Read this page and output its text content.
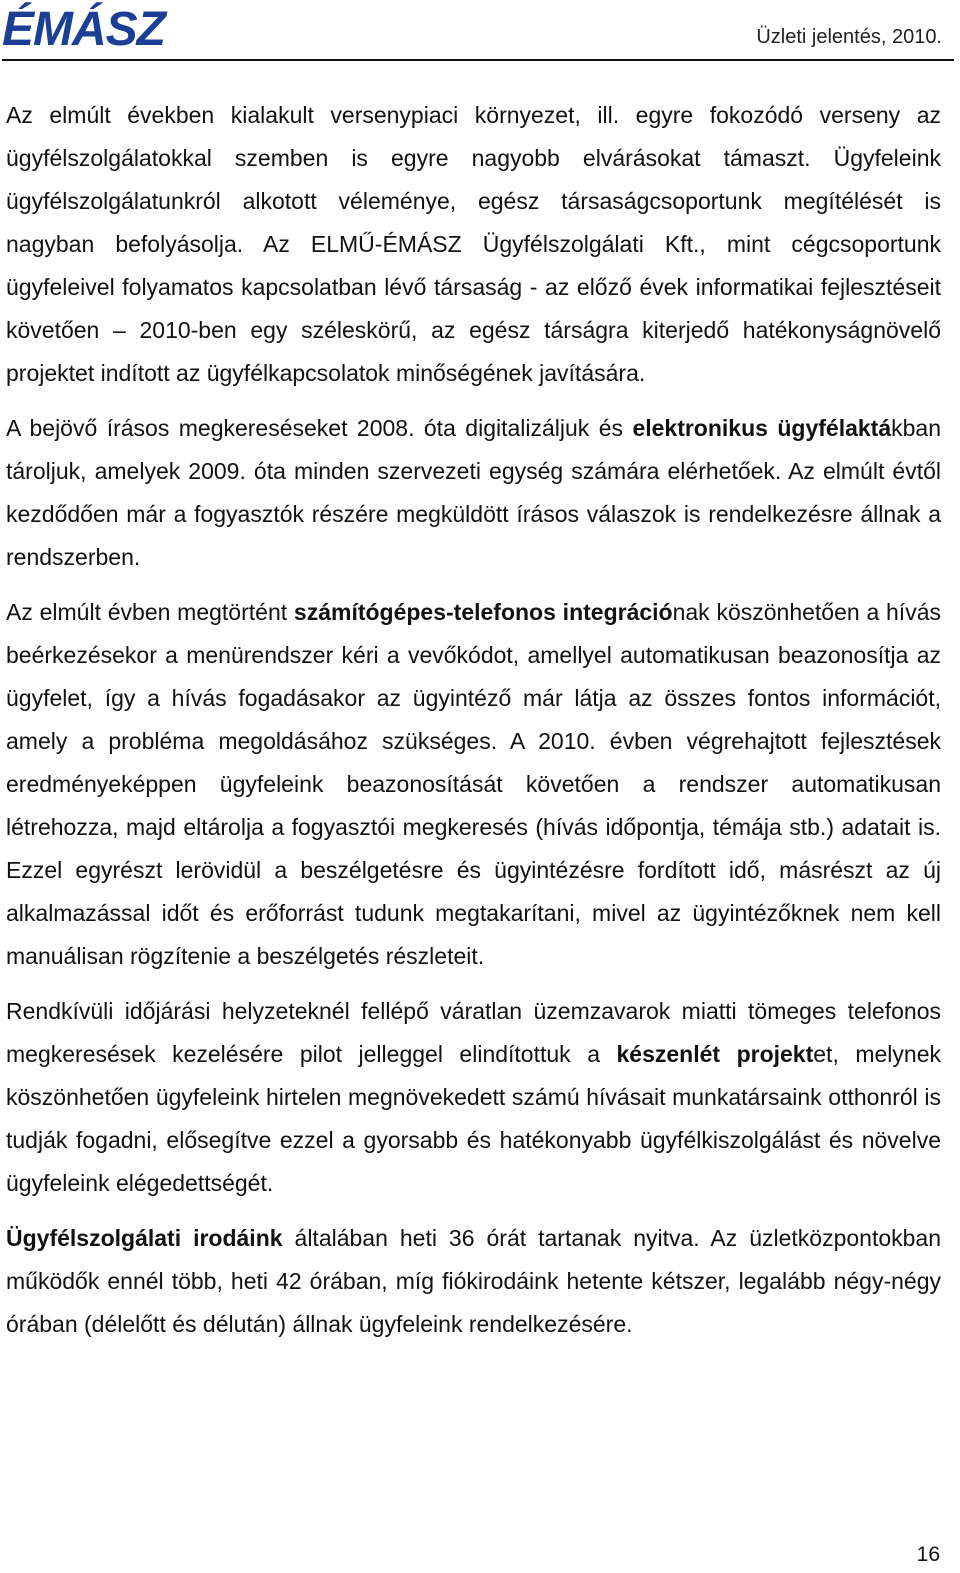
ÉMÁSZ	Üzleti jelentés, 2010.

Az elmúlt években kialakult versenypiaci környezet, ill. egyre fokozódó verseny az ügyfélszolgálatokkal szemben is egyre nagyobb elvárásokat támaszt. Ügyfeleink ügyfélszolgálatunkról alkotott véleménye, egész társaságcsoportunk megítélését is nagyban befolyásolja. Az ELMŰ-ÉMÁSZ Ügyfélszolgálati Kft., mint cégcsoportunk ügyfeleivel folyamatos kapcsolatban lévő társaság - az előző évek informatikai fejlesztéseit követően – 2010-ben egy széleskörű, az egész társágra kiterjedő hatékonyságnövelő projektet indított az ügyfélkapcsolatok minőségének javítására.

A bejövő írásos megkereséseket 2008. óta digitalizáljuk és elektronikus ügyfélaktákban tároljuk, amelyek 2009. óta minden szervezeti egység számára elérhetőek. Az elmúlt évtől kezdődően már a fogyasztók részére megküldött írásos válaszok is rendelkezésre állnak a rendszerben.

Az elmúlt évben megtörtént számítógépes-telefonos integrációnak köszönhetően a hívás beérkezésekor a menürendszer kéri a vevőkódot, amellyel automatikusan beazonosítja az ügyfelet, így a hívás fogadásakor az ügyintéző már látja az összes fontos információt, amely a probléma megoldásához szükséges. A 2010. évben végrehajtott fejlesztések eredményeképpen ügyfeleink beazonosítását követően a rendszer automatikusan létrehozza, majd eltárolja a fogyasztói megkeresés (hívás időpontja, témája stb.) adatait is. Ezzel egyrészt lerövidül a beszélgetésre és ügyintézésre fordított idő, másrészt az új alkalmazással időt és erőforrást tudunk megtakarítani, mivel az ügyintézőknek nem kell manuálisan rögzítenie a beszélgetés részleteit.

Rendkívüli időjárási helyzeteknél fellépő váratlan üzemzavarok miatti tömeges telefonos megkeresések kezelésére pilot jelleggel elindítottuk a készenlét projektet, melynek köszönhetően ügyfeleink hirtelen megnövekedett számú hívásait munkatársaink otthonról is tudják fogadni, elősegítve ezzel a gyorsabb és hatékonyabb ügyfélkiszolgálást és növelve ügyfeleink elégedettségét.

Ügyfélszolgálati irodáink általában heti 36 órát tartanak nyitva. Az üzletközpontokban működők ennél több, heti 42 órában, míg fiókirodáink hetente kétszer, legalább négy-négy órában (délelőtt és délután) állnak ügyfeleink rendelkezésére.

16
